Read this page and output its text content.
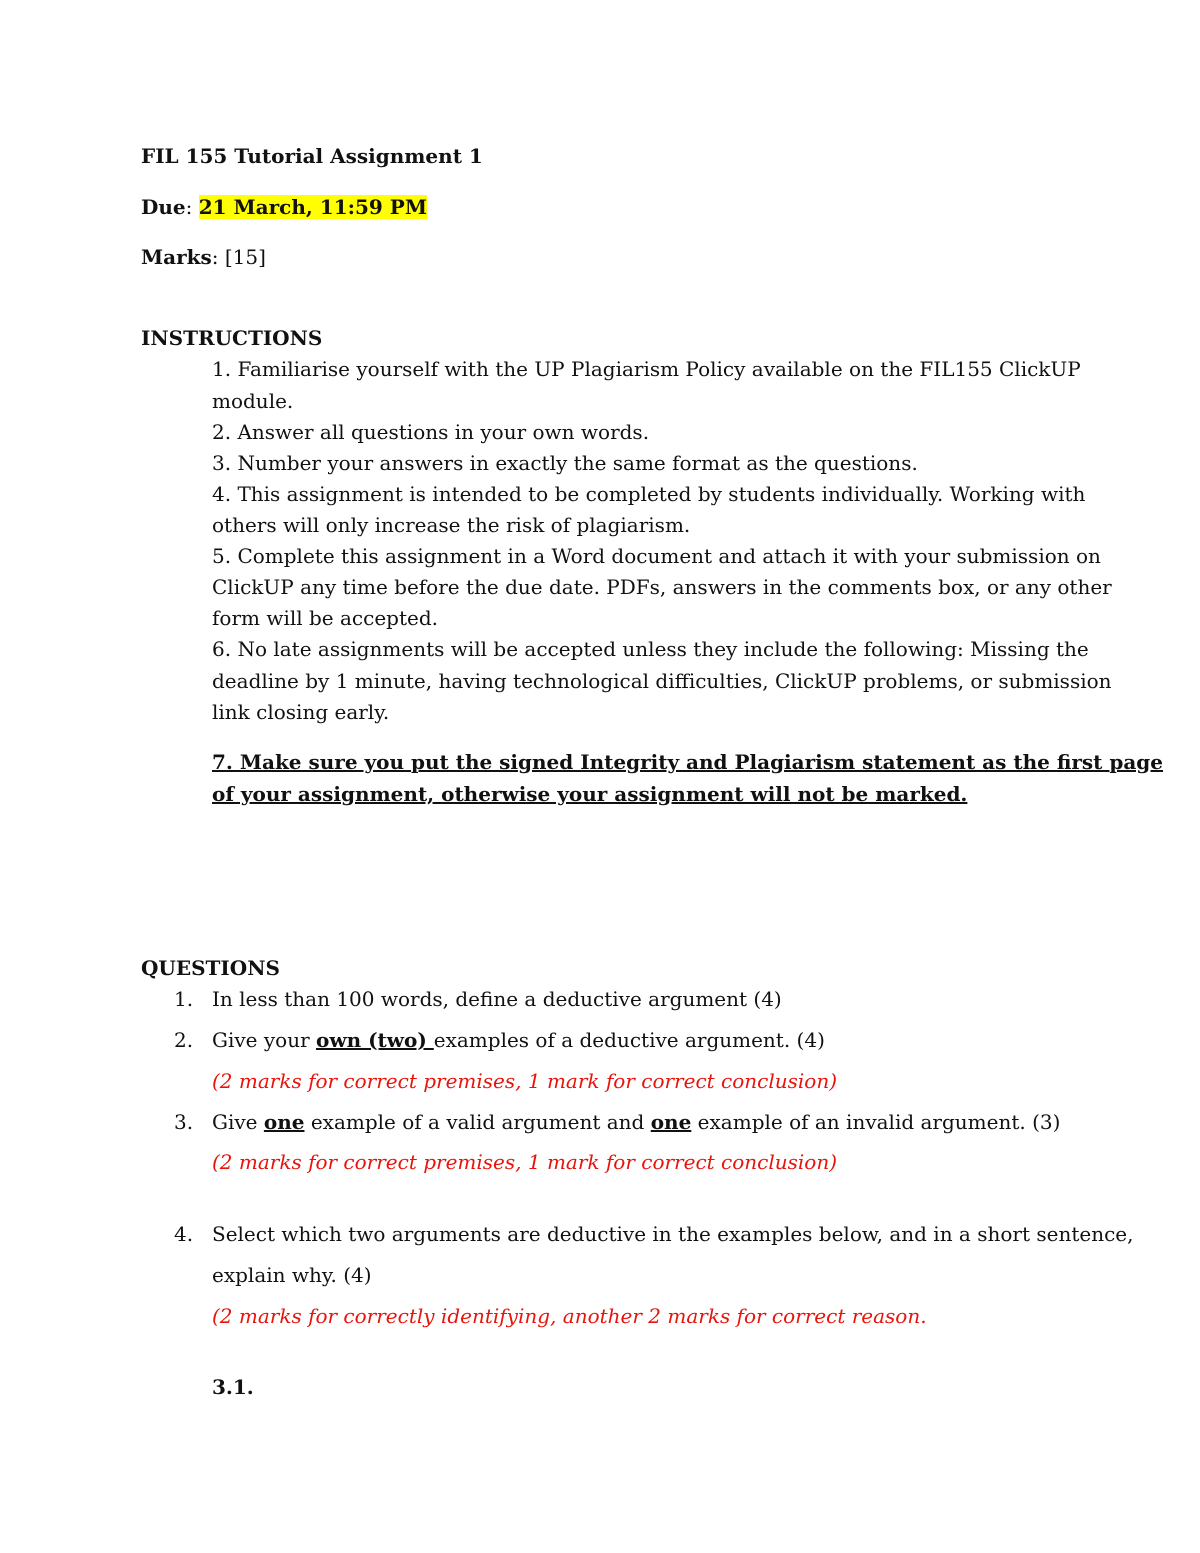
FIL 155 Tutorial Assignment 1
Due: 21 March, 11:59 PM
Marks: [15]
INSTRUCTIONS
1. Familiarise yourself with the UP Plagiarism Policy available on the FIL155 ClickUP
module.
2. Answer all questions in your own words.
3. Number your answers in exactly the same format as the questions.
4. This assignment is intended to be completed by students individually. Working with
others will only increase the risk of plagiarism.
5. Complete this assignment in a Word document and attach it with your submission on
ClickUP any time before the due date. PDFs, answers in the comments box, or any other
form will be accepted.
6. No late assignments will be accepted unless they include the following: Missing the
deadline by 1 minute, having technological difficulties, ClickUP problems, or submission
link closing early.
7. Make sure you put the signed Integrity and Plagiarism statement as the first page
of your assignment, otherwise your assignment will not be marked.
QUESTIONS
1. In less than 100 words, define a deductive argument (4)
2. Give your own (two) examples of a deductive argument. (4)
(2 marks for correct premises, 1 mark for correct conclusion)
3. Give one example of a valid argument and one example of an invalid argument. (3)
(2 marks for correct premises, 1 mark for correct conclusion)
4. Select which two arguments are deductive in the examples below, and in a short sentence,
explain why. (4)
(2 marks for correctly identifying, another 2 marks for correct reason.
3.1.
